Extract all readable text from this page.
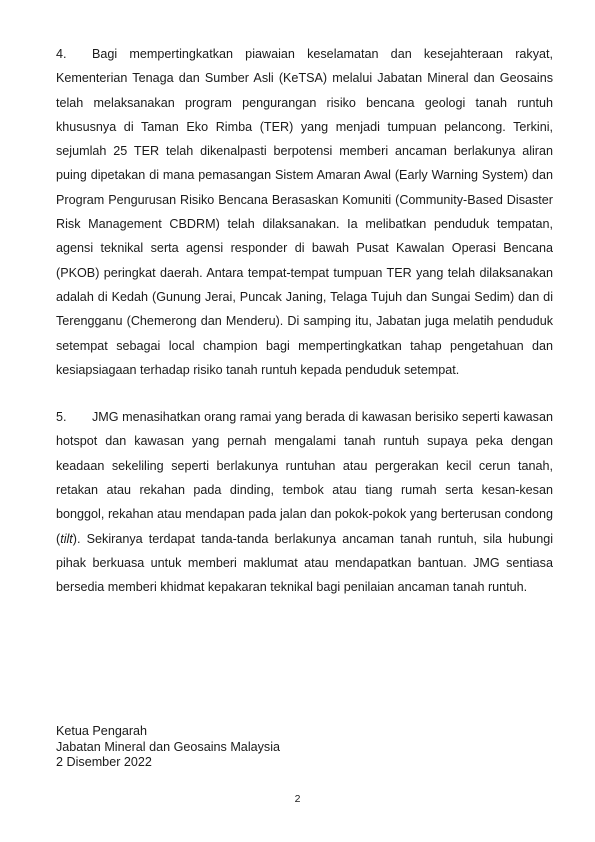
4. Bagi mempertingkatkan piawaian keselamatan dan kesejahteraan rakyat, Kementerian Tenaga dan Sumber Asli (KeTSA) melalui Jabatan Mineral dan Geosains telah melaksanakan program pengurangan risiko bencana geologi tanah runtuh khususnya di Taman Eko Rimba (TER) yang menjadi tumpuan pelancong. Terkini, sejumlah 25 TER telah dikenalpasti berpotensi memberi ancaman berlakunya aliran puing dipetakan di mana pemasangan Sistem Amaran Awal (Early Warning System) dan Program Pengurusan Risiko Bencana Berasaskan Komuniti (Community-Based Disaster Risk Management CBDRM) telah dilaksanakan. Ia melibatkan penduduk tempatan, agensi teknikal serta agensi responder di bawah Pusat Kawalan Operasi Bencana (PKOB) peringkat daerah. Antara tempat-tempat tumpuan TER yang telah dilaksanakan adalah di Kedah (Gunung Jerai, Puncak Janing, Telaga Tujuh dan Sungai Sedim) dan di Terengganu (Chemerong dan Menderu). Di samping itu, Jabatan juga melatih penduduk setempat sebagai local champion bagi mempertingkatkan tahap pengetahuan dan kesiapsiagaan terhadap risiko tanah runtuh kepada penduduk setempat.

5. JMG menasihatkan orang ramai yang berada di kawasan berisiko seperti kawasan hotspot dan kawasan yang pernah mengalami tanah runtuh supaya peka dengan keadaan sekeliling seperti berlakunya runtuhan atau pergerakan kecil cerun tanah, retakan atau rekahan pada dinding, tembok atau tiang rumah serta kesan-kesan bonggol, rekahan atau mendapan pada jalan dan pokok-pokok yang berterusan condong (tilt). Sekiranya terdapat tanda-tanda berlakunya ancaman tanah runtuh, sila hubungi pihak berkuasa untuk memberi maklumat atau mendapatkan bantuan. JMG sentiasa bersedia memberi khidmat kepakaran teknikal bagi penilaian ancaman tanah runtuh.

Ketua Pengarah
Jabatan Mineral dan Geosains Malaysia
2 Disember 2022
2
